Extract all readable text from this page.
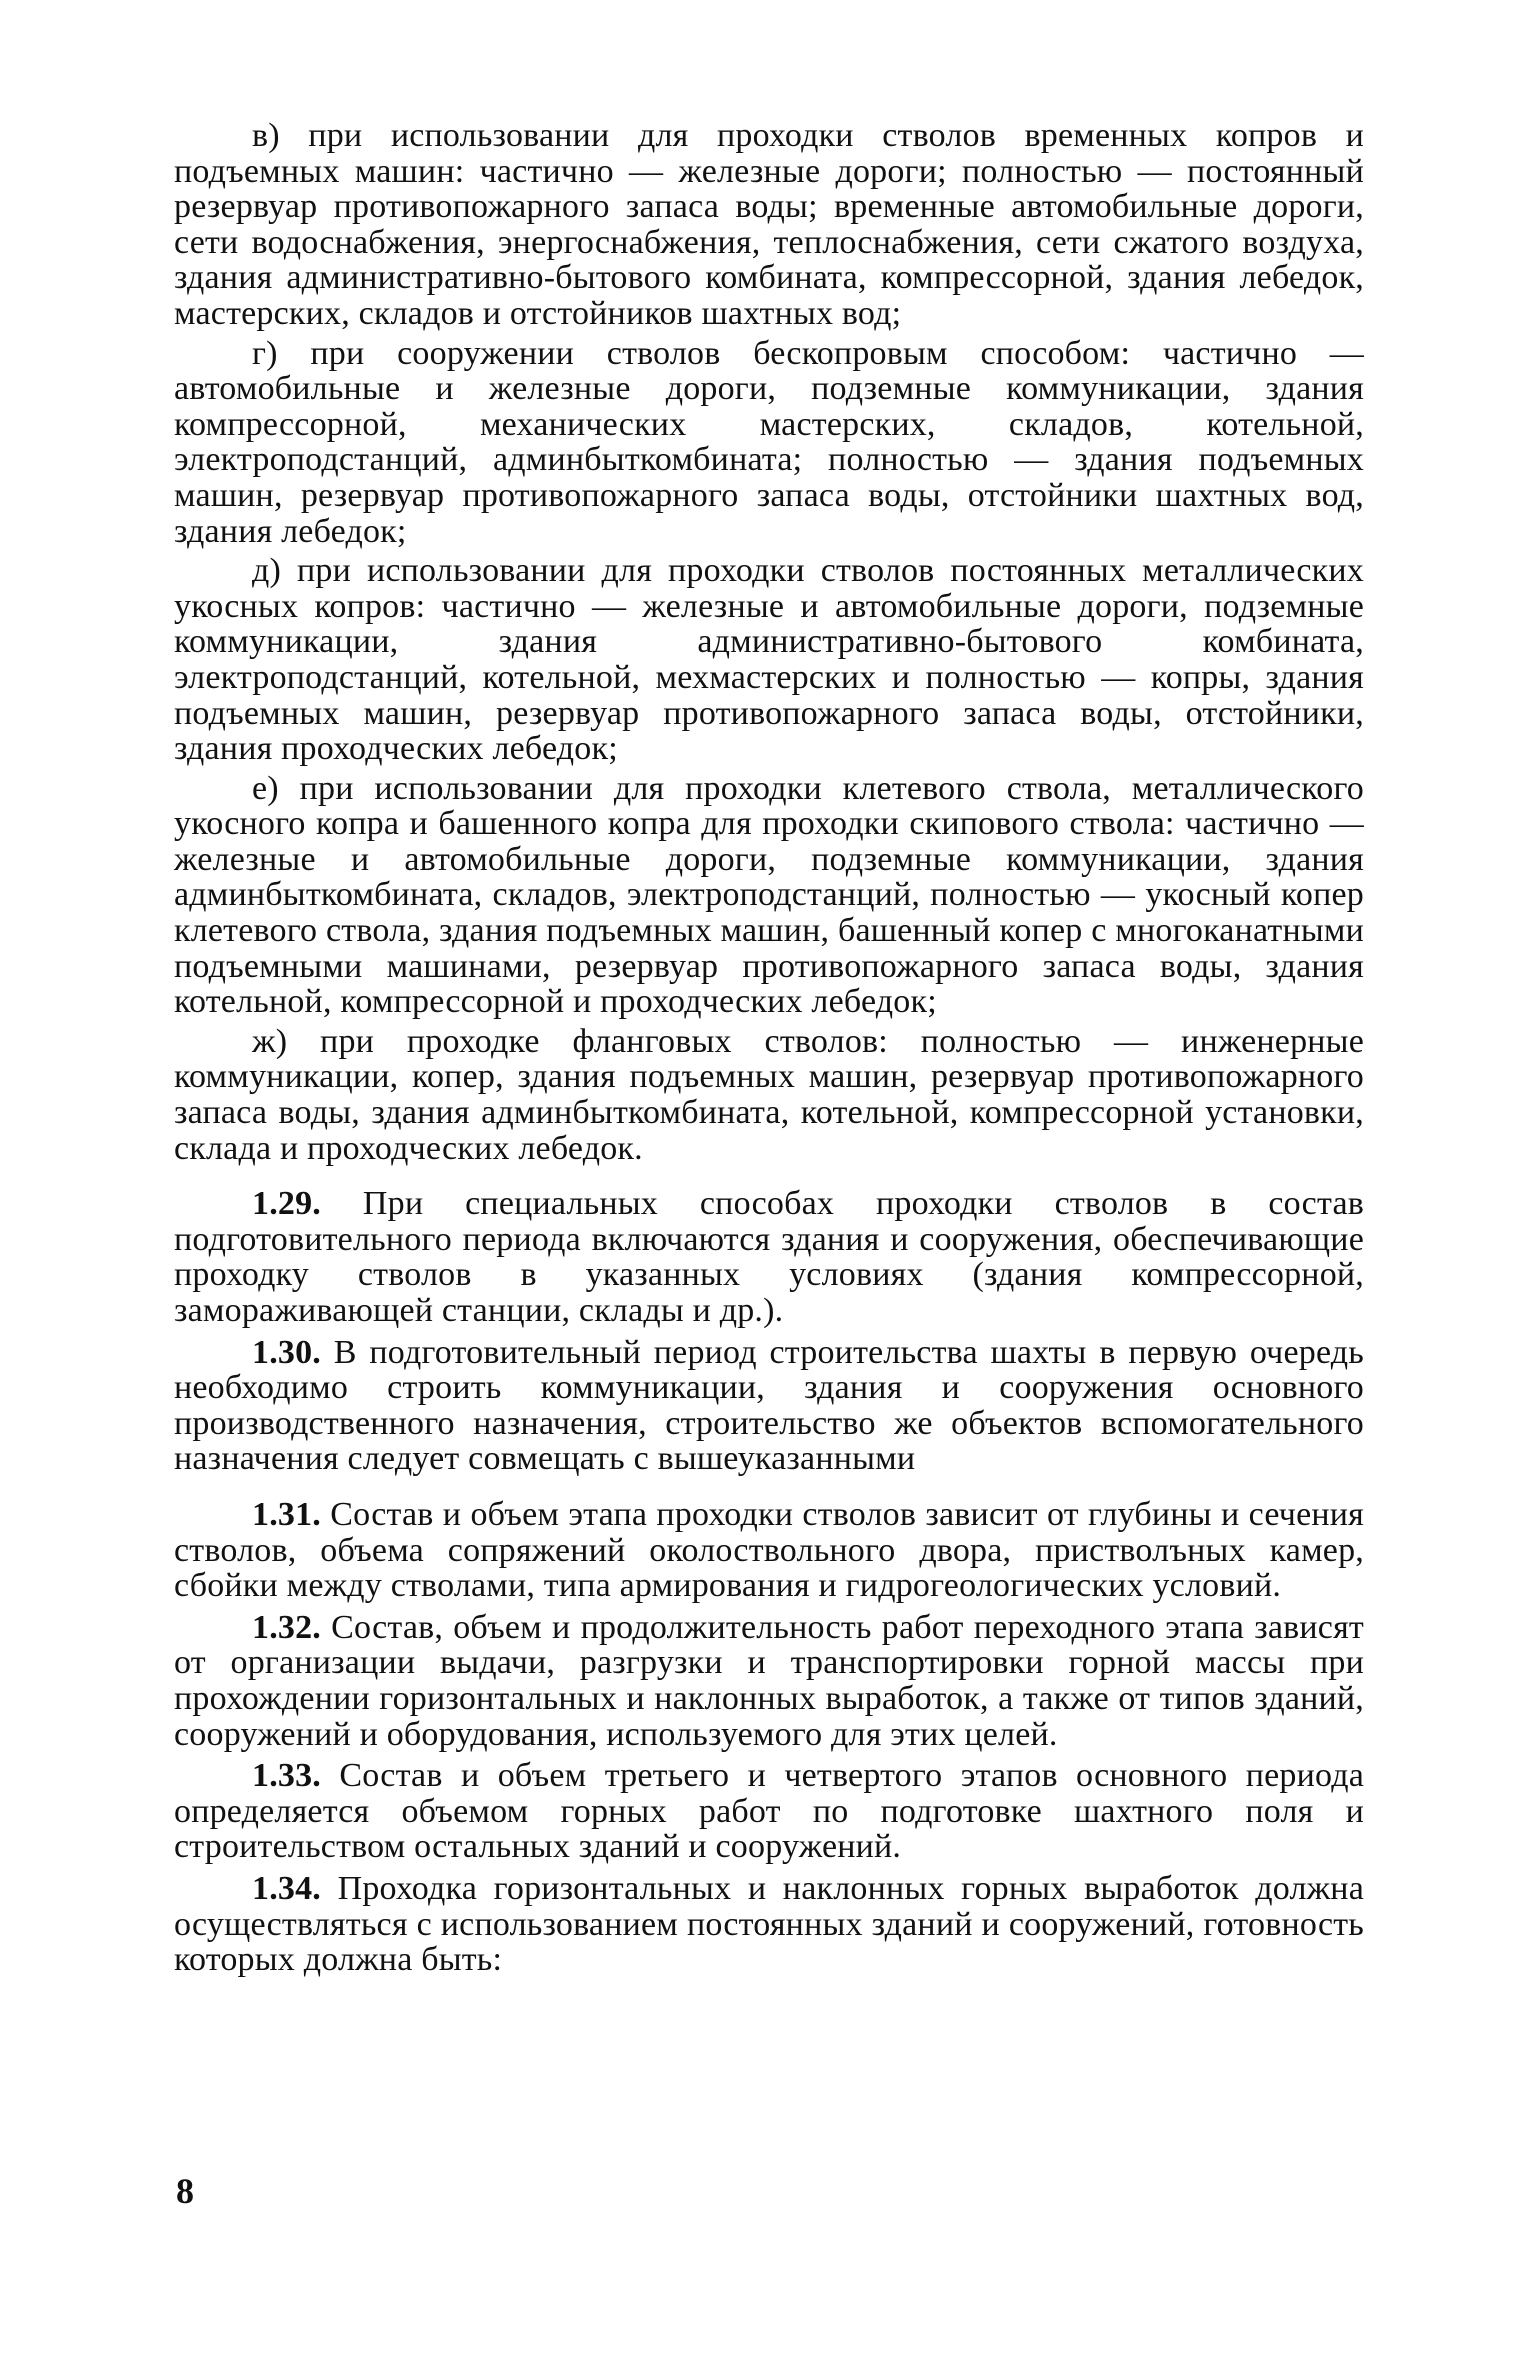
в) при использовании для проходки стволов временных копров и подъемных машин: частично — железные дороги; полностью — постоянный резервуар противопожарного запаса воды; временные автомобильные дороги, сети водоснабжения, энергоснабжения, теплоснабжения, сети сжатого воздуха, здания административно-бытового комбината, компрессорной, здания лебедок, мастерских, складов и отстойников шахтных вод;

г) при сооружении стволов бескопровым способом: частично — автомобильные и железные дороги, подземные коммуникации, здания компрессорной, механических мастерских, складов, котельной, электроподстанций, админбыткомбината; полностью — здания подъемных машин, резервуар противопожарного запаса воды, отстойники шахтных вод, здания лебедок;

д) при использовании для проходки стволов постоянных металлических укосных копров: частично — железные и автомобильные дороги, подземные коммуникации, здания административно-бытового комбината, электроподстанций, котельной, мехмастерских и полностью — копры, здания подъемных машин, резервуар противопожарного запаса воды, отстойники, здания проходческих лебедок;

е) при использовании для проходки клетевого ствола, металлического укосного копра и башенного копра для проходки скипового ствола: частично — железные и автомобильные дороги, подземные коммуникации, здания админбыткомбината, складов, электроподстанций, полностью — укосный копер клетевого ствола, здания подъемных машин, башенный копер с многоканатными подъемными машинами, резервуар противопожарного запаса воды, здания котельной, компрессорной и проходческих лебедок;

ж) при проходке фланговых стволов: полностью — инженерные коммуникации, копер, здания подъемных машин, резервуар противопожарного запаса воды, здания админбыткомбината, котельной, компрессорной установки, склада и проходческих лебедок.

1.29. При специальных способах проходки стволов в состав подготовительного периода включаются здания и сооружения, обеспечивающие проходку стволов в указанных условиях (здания компрессорной, замораживающей станции, склады и др.).

1.30. В подготовительный период строительства шахты в первую очередь необходимо строить коммуникации, здания и сооружения основного производственного назначения, строительство же объектов вспомогательного назначения следует совмещать с вышеуказанными

1.31. Состав и объем этапа проходки стволов зависит от глубины и сечения стволов, объема сопряжений околоствольного двора, пристволъных камер, сбойки между стволами, типа армирования и гидрогеологических условий.

1.32. Состав, объем и продолжительность работ переходного этапа зависят от организации выдачи, разгрузки и транспортировки горной массы при прохождении горизонтальных и наклонных выработок, а также от типов зданий, сооружений и оборудования, используемого для этих целей.

1.33. Состав и объем третьего и четвертого этапов основного периода определяется объемом горных работ по подготовке шахтного поля и строительством остальных зданий и сооружений.

1.34. Проходка горизонтальных и наклонных горных выработок должна осуществляться с использованием постоянных зданий и сооружений, готовность которых должна быть:

8
